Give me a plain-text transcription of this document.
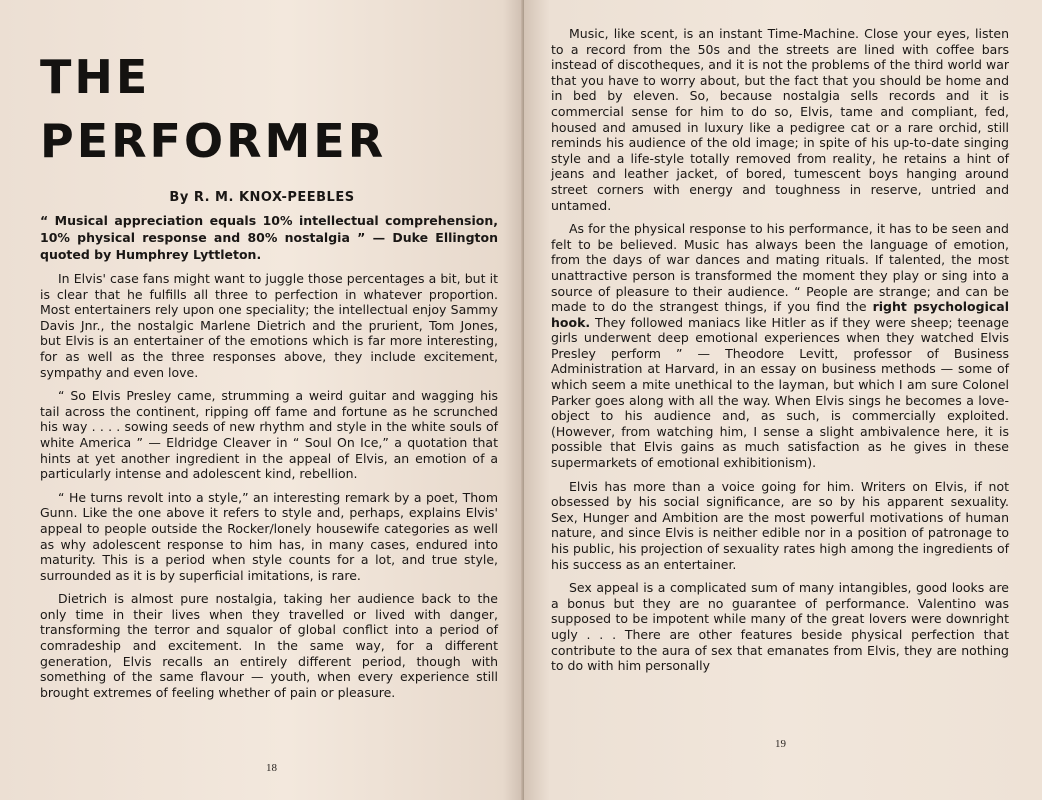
THE
PERFORMER

By R. M. KNOX-PEEBLES

“ Musical appreciation equals 10% intellectual comprehension, 10% physical response and 80% nostalgia ” — Duke Ellington quoted by Humphrey Lyttleton.

In Elvis' case fans might want to juggle those percentages a bit, but it is clear that he fulfills all three to perfection in whatever proportion. Most entertainers rely upon one speciality; the intellectual enjoy Sammy Davis Jnr., the nostalgic Marlene Dietrich and the prurient, Tom Jones, but Elvis is an entertainer of the emotions which is far more interesting, for as well as the three responses above, they include excitement, sympathy and even love.

“ So Elvis Presley came, strumming a weird guitar and wagging his tail across the continent, ripping off fame and fortune as he scrunched his way . . . . sowing seeds of new rhythm and style in the white souls of white America ” — Eldridge Cleaver in “ Soul On Ice,” a quotation that hints at yet another ingredient in the appeal of Elvis, an emotion of a particularly intense and adolescent kind, rebellion.

“ He turns revolt into a style,” an interesting remark by a poet, Thom Gunn. Like the one above it refers to style and, perhaps, explains Elvis' appeal to people outside the Rocker/lonely housewife categories as well as why adolescent response to him has, in many cases, endured into maturity. This is a period when style counts for a lot, and true style, surrounded as it is by superficial imitations, is rare.

Dietrich is almost pure nostalgia, taking her audience back to the only time in their lives when they travelled or lived with danger, transforming the terror and squalor of global conflict into a period of comradeship and excitement. In the same way, for a different generation, Elvis recalls an entirely different period, though with something of the same flavour — youth, when every experience still brought extremes of feeling whether of pain or pleasure.

18

Music, like scent, is an instant Time-Machine. Close your eyes, listen to a record from the 50s and the streets are lined with coffee bars instead of discotheques, and it is not the problems of the third world war that you have to worry about, but the fact that you should be home and in bed by eleven. So, because nostalgia sells records and it is commercial sense for him to do so, Elvis, tame and compliant, fed, housed and amused in luxury like a pedigree cat or a rare orchid, still reminds his audience of the old image; in spite of his up-to-date singing style and a life-style totally removed from reality, he retains a hint of jeans and leather jacket, of bored, tumescent boys hanging around street corners with energy and toughness in reserve, untried and untamed.

As for the physical response to his performance, it has to be seen and felt to be believed. Music has always been the language of emotion, from the days of war dances and mating rituals. If talented, the most unattractive person is transformed the moment they play or sing into a source of pleasure to their audience. “ People are strange; and can be made to do the strangest things, if you find the right psychological hook. They followed maniacs like Hitler as if they were sheep; teenage girls underwent deep emotional experiences when they watched Elvis Presley perform ” — Theodore Levitt, professor of Business Administration at Harvard, in an essay on business methods — some of which seem a mite unethical to the layman, but which I am sure Colonel Parker goes along with all the way. When Elvis sings he becomes a love-object to his audience and, as such, is commercially exploited. (However, from watching him, I sense a slight ambivalence here, it is possible that Elvis gains as much satisfaction as he gives in these supermarkets of emotional exhibitionism).

Elvis has more than a voice going for him. Writers on Elvis, if not obsessed by his social significance, are so by his apparent sexuality. Sex, Hunger and Ambition are the most powerful motivations of human nature, and since Elvis is neither edible nor in a position of patronage to his public, his projection of sexuality rates high among the ingredients of his success as an entertainer.

Sex appeal is a complicated sum of many intangibles, good looks are a bonus but they are no guarantee of performance. Valentino was supposed to be impotent while many of the great lovers were downright ugly . . . There are other features beside physical perfection that contribute to the aura of sex that emanates from Elvis, they are nothing to do with him personally

19
